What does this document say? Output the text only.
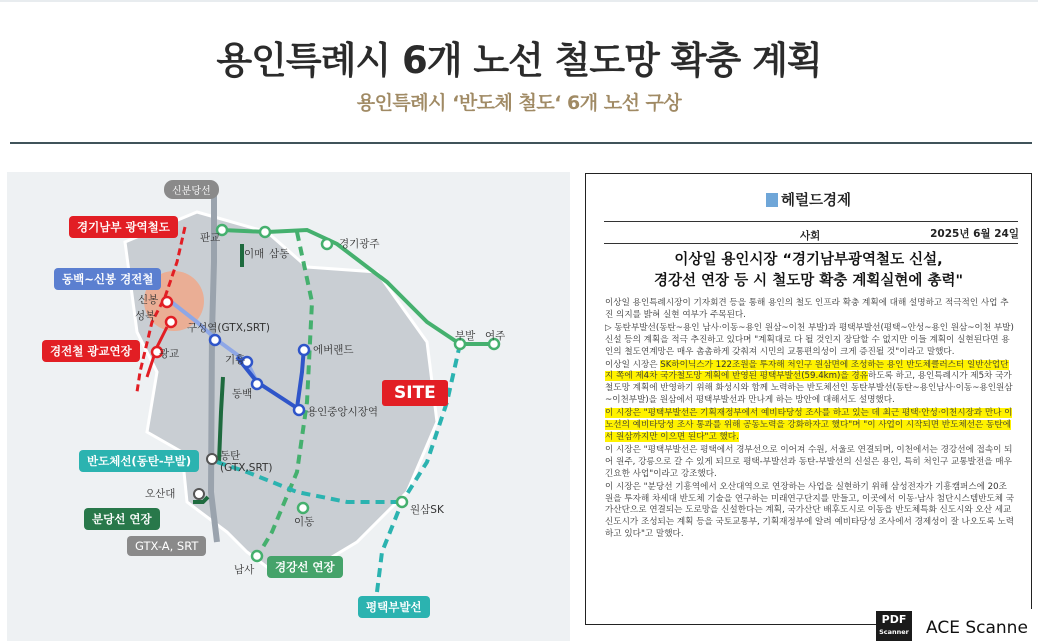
용인특례시 6개 노선 철도망 확충 계획
용인특례시 ‘반도체 철도‘ 6개 노선 구상
신분당선
경기남부 광역철도
동백~신봉 경전철
경전철 광교연장
반도체선(동탄-부발)
분당선 연장
GTX-A, SRT
경강선 연장
평택부발선
판교
이매 삼동
경기광주
신봉
성복
광교
구성역(GTX,SRT)
기흥
동백
에버랜드
용인중앙시장역
부발 여주
동탄
(GTX,SRT)
오산대
이동
원삼SK
남사
SITE
헤럴드경제
사회	2025년 6월 24일
이상일 용인시장 “경기남부광역철도 신설,
경강선 연장 등 시 철도망 확충 계획실현에 총력"

이상일 용인특례시장이 기자회견 등을 통해 용인의 철도 인프라 확충 계획에 대해 설명하고 적극적인 사업 추진 의지를 밝혀 실현 여부가 주목된다.

▷ 동탄부발선(동탄~용인 남사·이동~용인 원삼~이천 부발)과 평택부발선(평택~안성~용인 원삼~이천 부발) 신설 등의 계획을 적극 추진하고 있다며 "계획대로 다 될 것인지 장담할 수 없지만 이들 계획이 실현된다면 용인의 철도연계망은 매우 촘촘하게 갖춰져 시민의 교통편의성이 크게 증진될 것"이라고 말했다.

이상일 시장은 SK하이닉스가 122조원을 투자해 처인구 원삼면에 조성하는 용인 반도체클러스터 일반산업단지 쪽에 제4차 국가철도망 계획에 반영된 평택부발선(59.4km)을 경유하도록 하고, 용인특례시가 제5차 국가철도망 계획에 반영하기 위해 화성시와 함께 노력하는 반도체선인 동탄부발선(동탄~용인남사·이동~용인원삼~이천부발)을 원삼에서 평택부발선과 만나게 하는 방안에 대해서도 설명했다.

이 시장은 "평택부발선은 기획재정부에서 예비타당성 조사를 하고 있는 데 최근 평택·안성·이천시장과 만나 이 노선의 예비타당성 조사 통과를 위해 공동노력을 강화하자고 했다"며 "이 사업이 시작되면 반도체선은 동탄에서 원삼까지만 이으면 된다"고 했다.

이 시장은 "평택부발선은 평택에서 경부선으로 이어져 수원, 서울로 연결되며, 이천에서는 경강선에 접속이 되어 원주, 강릉으로 갈 수 있게 되므로 평택-부발선과 동탄-부발선의 신설은 용인, 특히 처인구 교통발전을 매우 긴요한 사업"이라고 강조했다.

이 시장은 "분당선 기흥역에서 오산대역으로 연장하는 사업을 실현하기 위해 삼성전자가 기흥캠퍼스에 20조원을 투자해 차세대 반도체 기술을 연구하는 미래연구단지를 만들고, 이곳에서 이동·남사 첨단시스템반도체 국가산단으로 연결되는 도로망을 신설한다는 계획, 국가산단 배후도시로 이동읍 반도체특화 신도시와 오산 세교신도시가 조성되는 계획 등을 국토교통부, 기획재정부에 알려 예비타당성 조사에서 경제성이 잘 나오도록 노력하고 있다"고 말했다.

PDF
Scanner ACE Scanne
